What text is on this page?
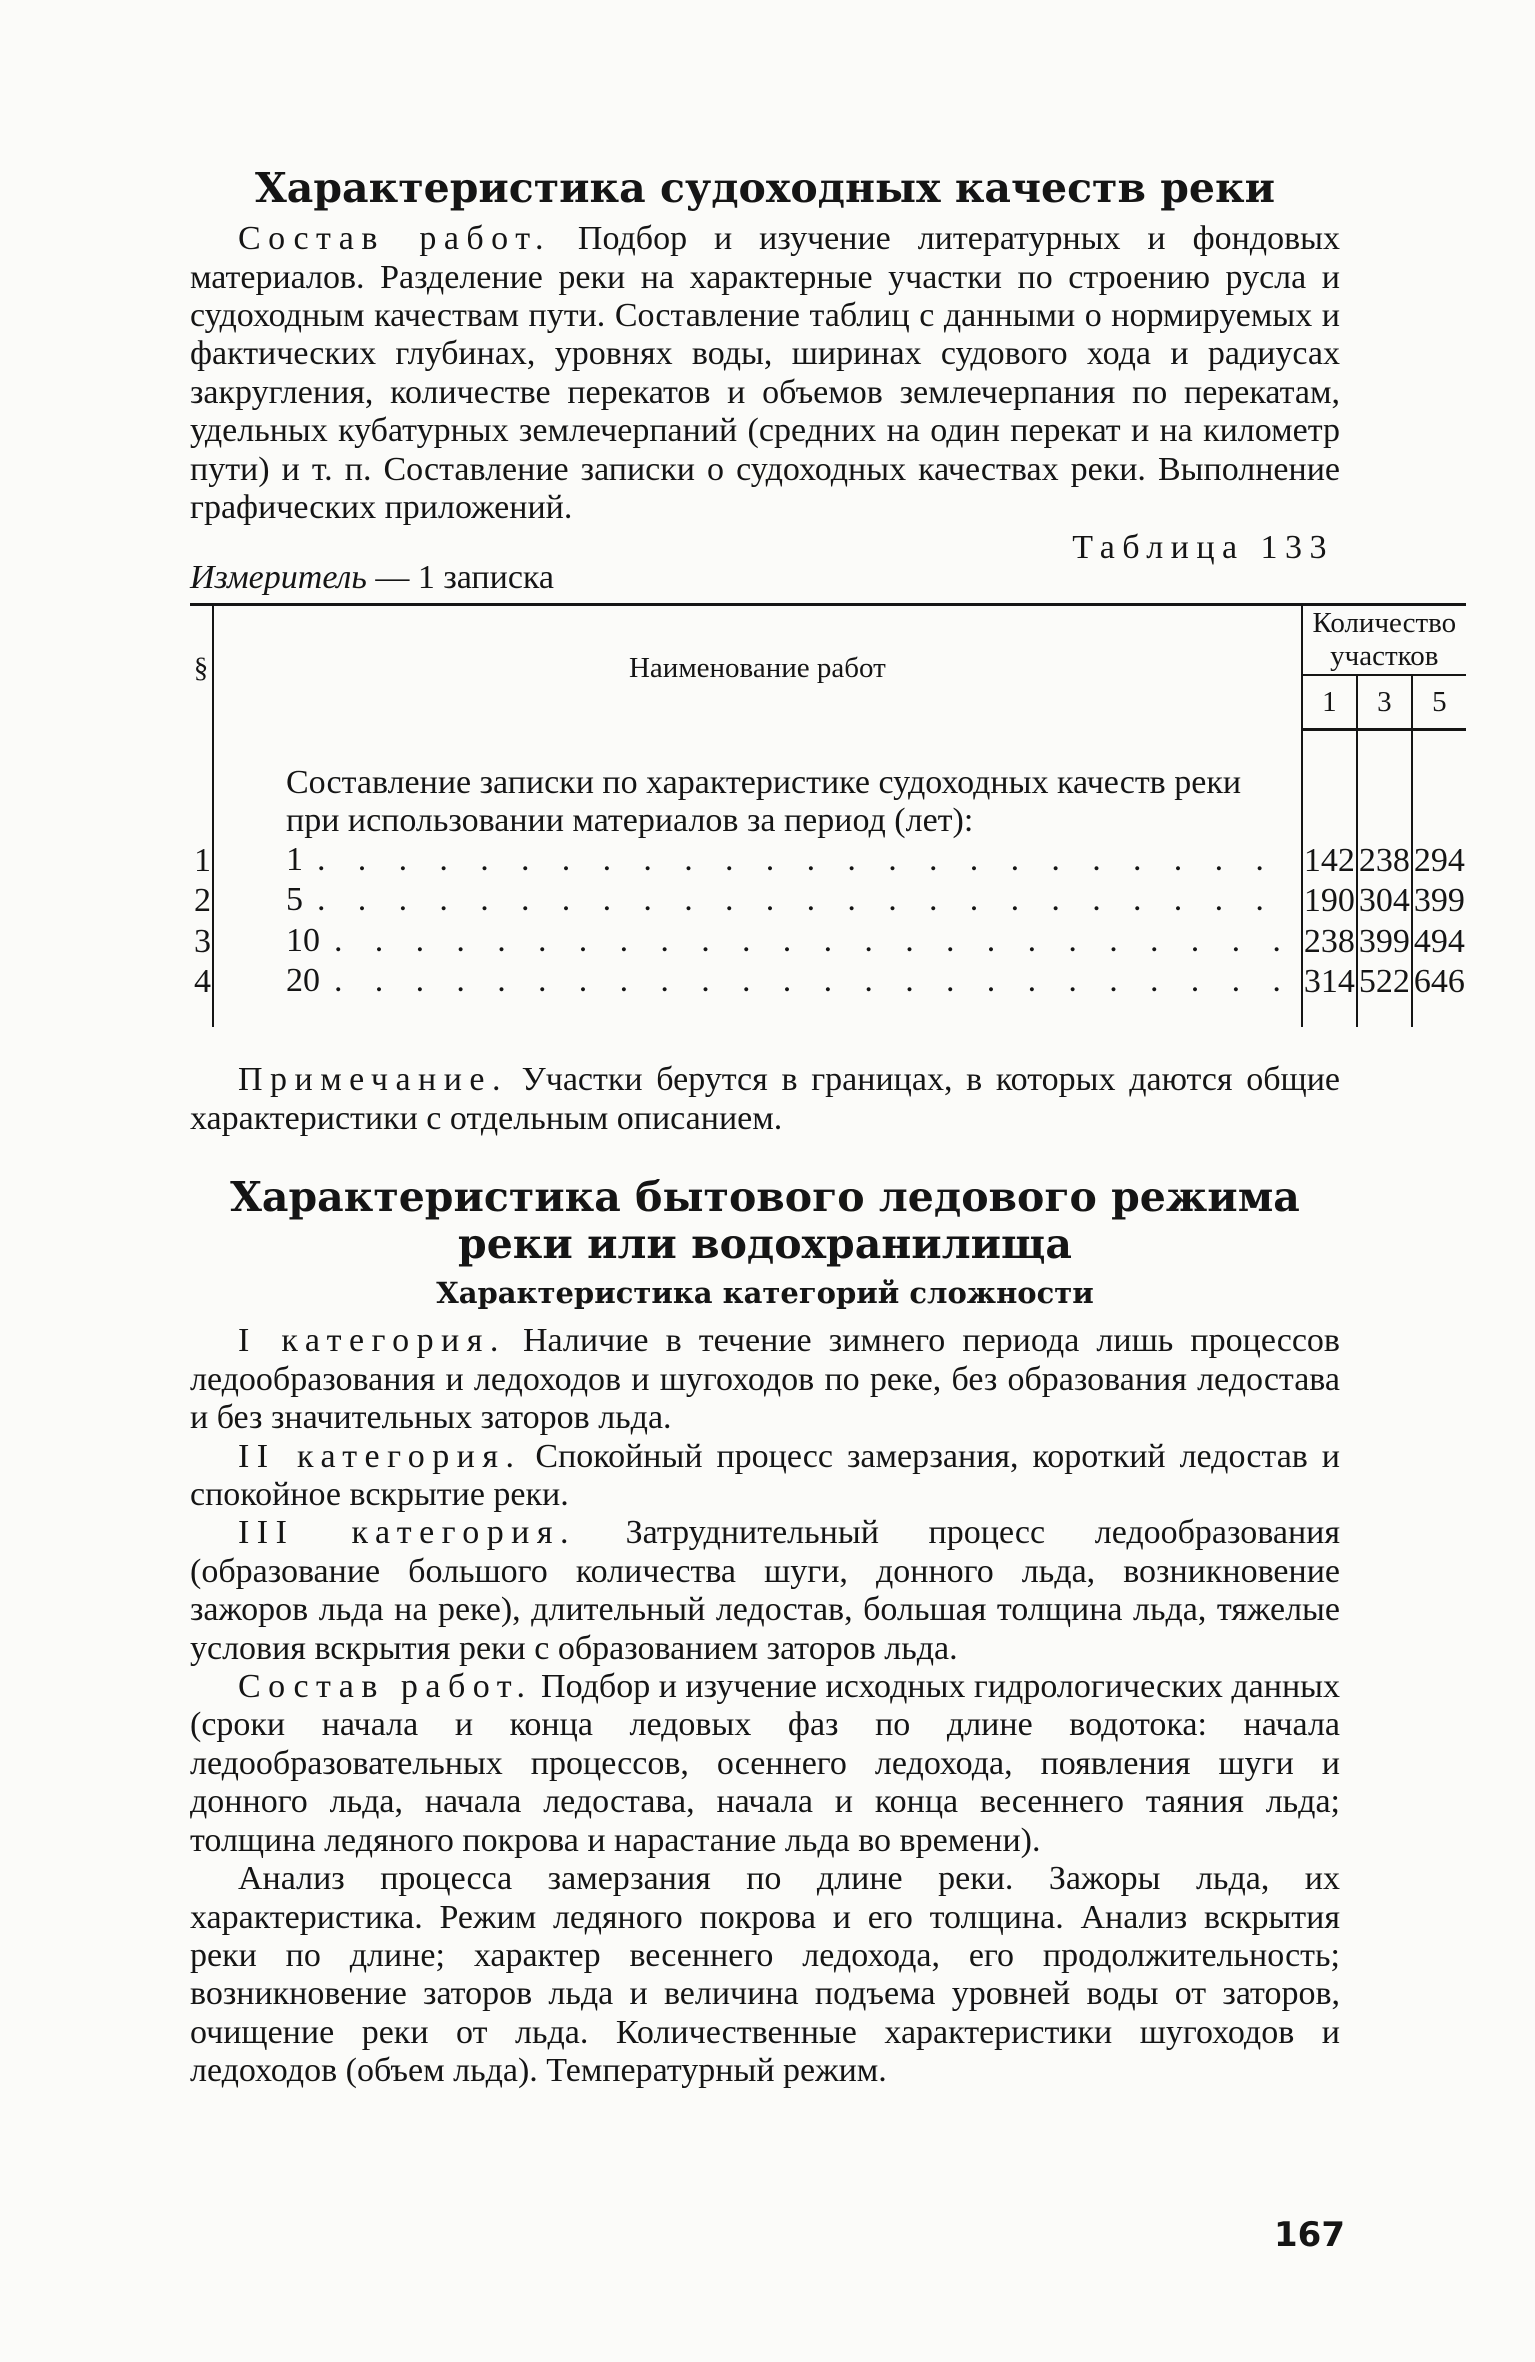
Характеристика судоходных качеств реки

Состав работ. Подбор и изучение литературных и фондовых материалов. Разделение реки на характерные участки по строению русла и судоходным качествам пути. Составление таблиц с данными о нормируемых и фактических глубинах, уровнях воды, ширинах судового хода и радиусах закругления, количестве перекатов и объемов землечерпания по перекатам, удельных кубатурных землечерпаний (средних на один перекат и на километр пути) и т. п. Составление записки о судоходных качествах реки. Выполнение графических приложений.

Измеритель — 1 записка
Таблица 133
§	Наименование работ	Количество участков		
		1	3	5
	Составление записки по характеристике судоходных качеств реки при использовании материалов за период (лет):			
1	1 . . . . . . . . . . . . . . . . . . . . . . . .	142	238	294
2	5 . . . . . . . . . . . . . . . . . . . . . . . .	190	304	399
3	10 . . . . . . . . . . . . . . . . . . . . . . . .	238	399	494
4	20 . . . . . . . . . . . . . . . . . . . . . . . .	314	522	646

Примечание. Участки берутся в границах, в которых даются общие характеристики с отдельным описанием.

Характеристика бытового ледового режима
реки или водохранилища
Характеристика категорий сложности

I категория. Наличие в течение зимнего периода лишь процессов ледообразования и ледоходов и шугоходов по реке, без образования ледостава и без значительных заторов льда.

II категория. Спокойный процесс замерзания, короткий ледостав и спокойное вскрытие реки.

III категория. Затруднительный процесс ледообразования (образование большого количества шуги, донного льда, возникновение зажоров льда на реке), длительный ледостав, большая толщина льда, тяжелые условия вскрытия реки с образованием заторов льда.

Состав работ. Подбор и изучение исходных гидрологических данных (сроки начала и конца ледовых фаз по длине водотока: начала ледообразовательных процессов, осеннего ледохода, появления шуги и донного льда, начала ледостава, начала и конца весеннего таяния льда; толщина ледяного покрова и нарастание льда во времени).

Анализ процесса замерзания по длине реки. Зажоры льда, их характеристика. Режим ледяного покрова и его толщина. Анализ вскрытия реки по длине; характер весеннего ледохода, его продолжительность; возникновение заторов льда и величина подъема уровней воды от заторов, очищение реки от льда. Количественные характеристики шугоходов и ледоходов (объем льда). Температурный режим.

167
